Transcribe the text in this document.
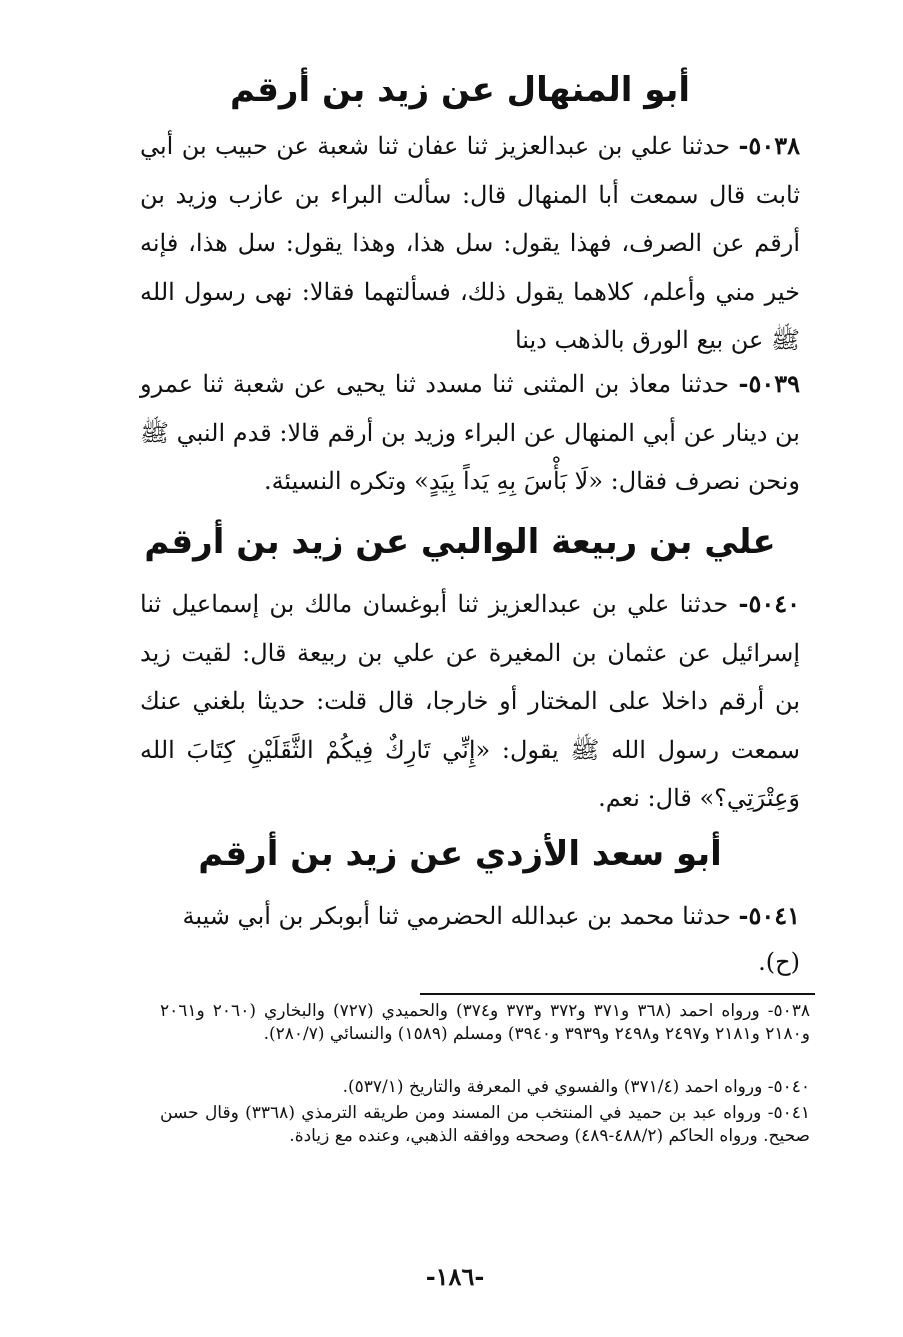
أبو المنهال عن زيد بن أرقم
٥٠٣٨- حدثنا علي بن عبدالعزيز ثنا عفان ثنا شعبة عن حبيب بن أبي ثابت قال سمعت أبا المنهال قال: سألت البراء بن عازب وزيد بن أرقم عن الصرف، فهذا يقول: سل هذا، وهذا يقول: سل هذا، فإنه خير مني وأعلم، كلاهما يقول ذلك، فسألتهما فقالا: نهى رسول الله ﷺ عن بيع الورق بالذهب دينا
٥٠٣٩- حدثنا معاذ بن المثنى ثنا مسدد ثنا يحيى عن شعبة ثنا عمرو بن دينار عن أبي المنهال عن البراء وزيد بن أرقم قالا: قدم النبي ﷺ ونحن نصرف فقال: «لَا بَأْسَ بِهِ يَداً بِيَدٍ» وتكره النسيئة.
علي بن ربيعة الوالبي عن زيد بن أرقم
٥٠٤٠- حدثنا علي بن عبدالعزيز ثنا أبوغسان مالك بن إسماعيل ثنا إسرائيل عن عثمان بن المغيرة عن علي بن ربيعة قال: لقيت زيد بن أرقم داخلا على المختار أو خارجا، قال قلت: حديثا بلغني عنك سمعت رسول الله ﷺ يقول: «إِنِّي تَارِكٌ فِيكُمْ الثَّقَلَيْنِ كِتَابَ الله وَعِتْرَتِي؟» قال: نعم.
أبو سعد الأزدي عن زيد بن أرقم
٥٠٤١- حدثنا محمد بن عبدالله الحضرمي ثنا أبوبكر بن أبي شيبة
(ح).
٥٠٣٨- ورواه احمد (٣٦٨ و٣٧١ و٣٧٢ و٣٧٣ و٣٧٤) والحميدي (٧٢٧) والبخاري (٢٠٦٠ و٢٠٦١ و٢١٨٠ و٢١٨١ و٢٤٩٧ و٢٤٩٨ و٣٩٣٩ و٣٩٤٠) ومسلم (١٥٨٩) والنسائي (٢٨٠/٧).
٥٠٤٠- ورواه احمد (٣٧١/٤) والفسوي في المعرفة والتاريخ (٥٣٧/١).
٥٠٤١- ورواه عبد بن حميد في المنتخب من المسند ومن طريقه الترمذي (٣٣٦٨) وقال حسن صحيح. ورواه الحاكم (٤٨٨/٢-٤٨٩) وصححه ووافقه الذهبي، وعنده مع زيادة.
-١٨٦-
